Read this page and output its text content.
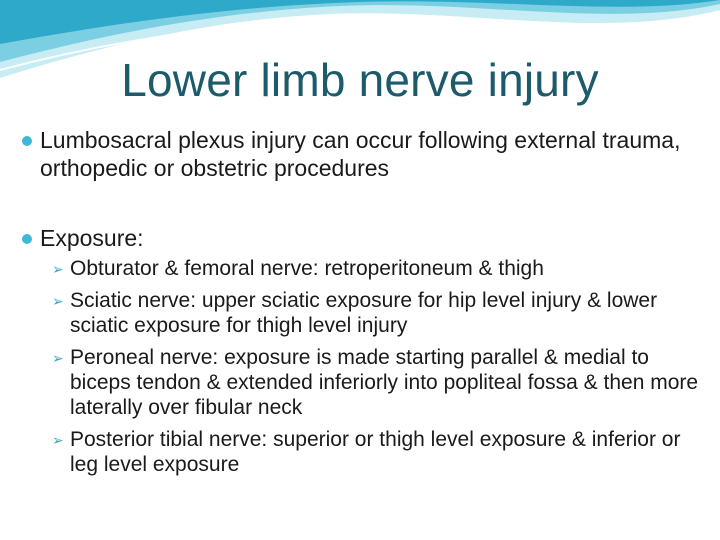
Lower limb nerve injury
Lumbosacral plexus injury can occur following external trauma, orthopedic or obstetric procedures
Exposure:
➢ Obturator & femoral nerve: retroperitoneum & thigh
➢ Sciatic nerve: upper sciatic exposure for hip level injury & lower sciatic exposure for thigh level injury
➢ Peroneal nerve: exposure is made starting parallel & medial to biceps tendon & extended inferiorly into popliteal fossa & then more laterally over fibular neck
➢ Posterior tibial nerve: superior or thigh level exposure & inferior or leg level exposure
